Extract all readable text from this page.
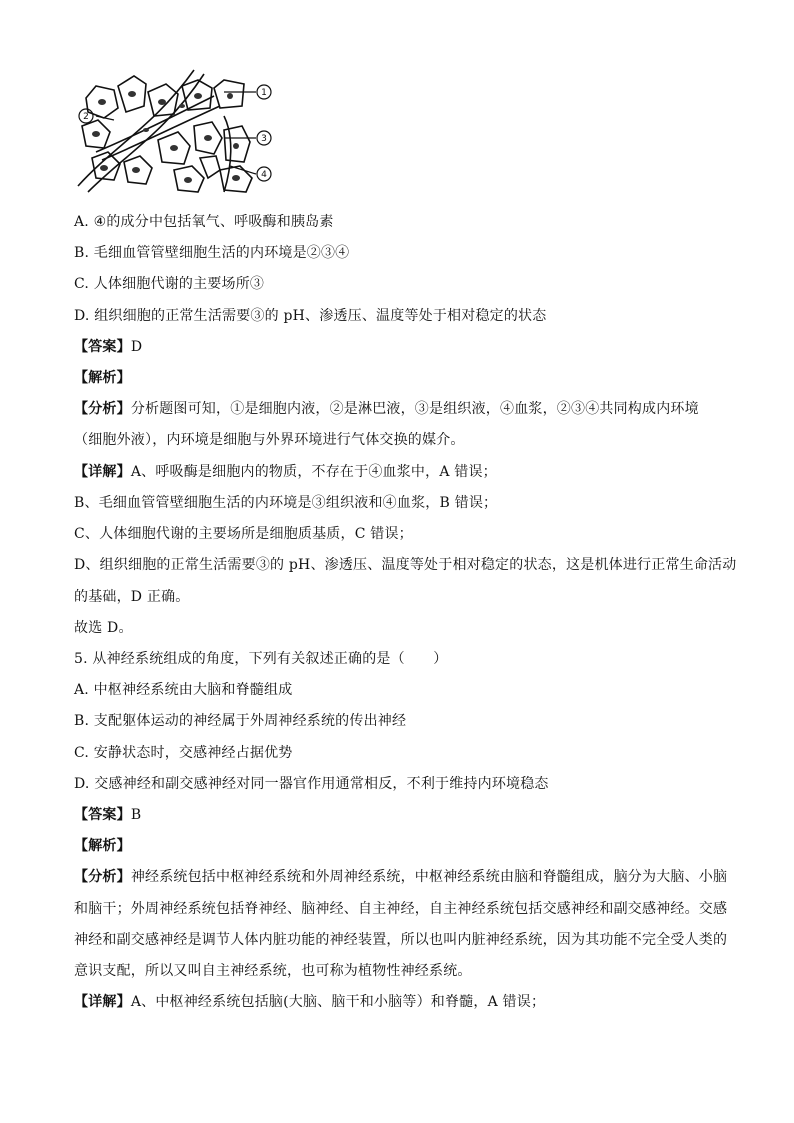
1
2
3
4
A. ④的成分中包括氧气、呼吸酶和胰岛素
B. 毛细血管管壁细胞生活的内环境是②③④
C. 人体细胞代谢的主要场所③
D. 组织细胞的正常生活需要③的 pH、渗透压、温度等处于相对稳定的状态
【答案】D
【解析】
【分析】分析题图可知，①是细胞内液，②是淋巴液，③是组织液，④血浆，②③④共同构成内环境
（细胞外液），内环境是细胞与外界环境进行气体交换的媒介。
【详解】A、呼吸酶是细胞内的物质，不存在于④血浆中，A 错误；
B、毛细血管管壁细胞生活的内环境是③组织液和④血浆，B 错误；
C、人体细胞代谢的主要场所是细胞质基质，C 错误；
D、组织细胞的正常生活需要③的 pH、渗透压、温度等处于相对稳定的状态，这是机体进行正常生命活动
的基础，D 正确。
故选 D。
5. 从神经系统组成的角度，下列有关叙述正确的是（　　）
A. 中枢神经系统由大脑和脊髓组成
B. 支配躯体运动的神经属于外周神经系统的传出神经
C. 安静状态时，交感神经占据优势
D. 交感神经和副交感神经对同一器官作用通常相反，不利于维持内环境稳态
【答案】B
【解析】
【分析】神经系统包括中枢神经系统和外周神经系统，中枢神经系统由脑和脊髓组成，脑分为大脑、小脑
和脑干；外周神经系统包括脊神经、脑神经、自主神经，自主神经系统包括交感神经和副交感神经。交感
神经和副交感神经是调节人体内脏功能的神经装置，所以也叫内脏神经系统，因为其功能不完全受人类的
意识支配，所以又叫自主神经系统，也可称为植物性神经系统。
【详解】A、中枢神经系统包括脑(大脑、脑干和小脑等）和脊髓，A 错误；
